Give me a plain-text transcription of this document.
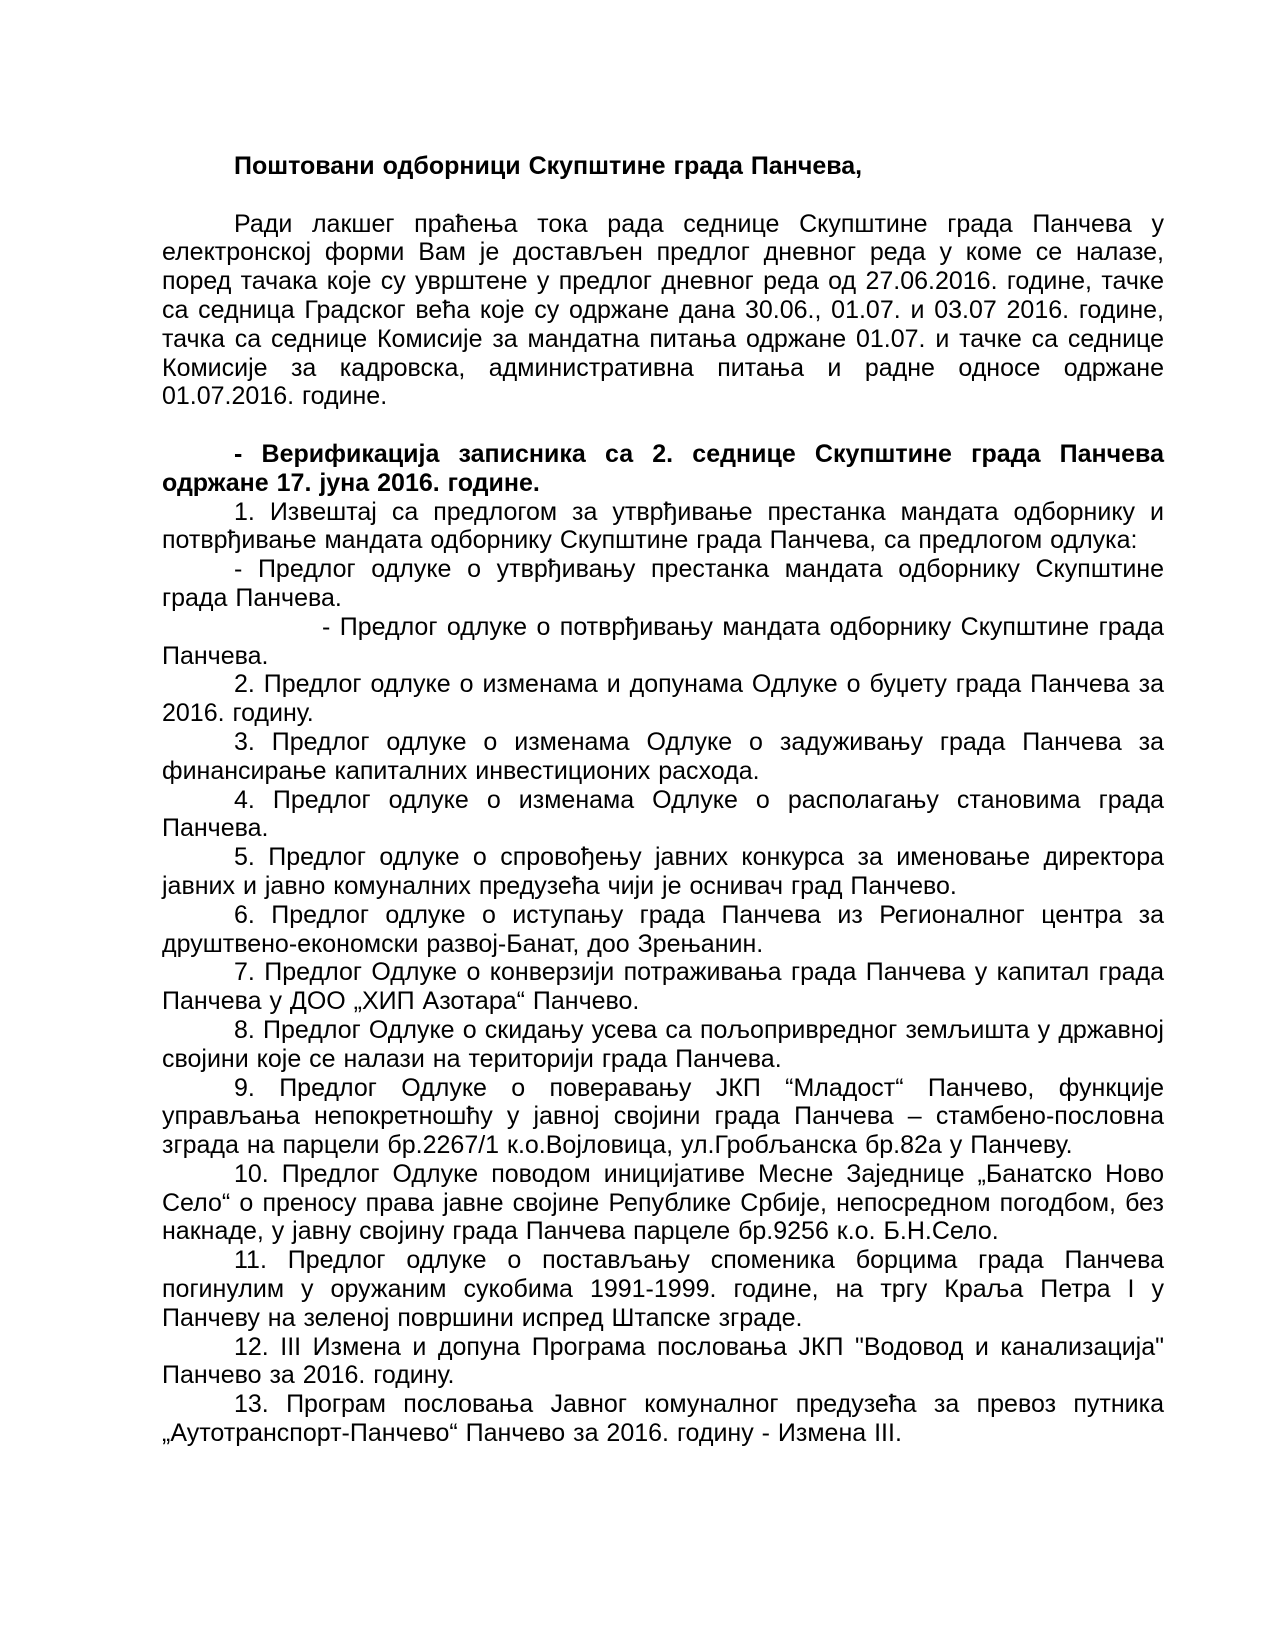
Поштовани одборници Скупштине града Панчева,

Ради лакшег праћења тока рада седнице Скупштине града Панчева у електронској форми Вам је достављен предлог дневног реда у коме се налазе, поред тачака које су уврштене у предлог дневног реда од 27.06.2016. године, тачке са седница Градског већа које су одржане дана 30.06., 01.07. и 03.07 2016. године, тачка са седнице Комисије за мандатна питања одржане 01.07. и тачке са седнице Комисије за кадровска, административна питања и радне односе одржане 01.07.2016. године.

- Верификација записника са 2. седнице Скупштине града Панчева одржане 17. јуна 2016. године.

1. Извештај са предлогом за утврђивање престанка мандата одборнику и потврђивање мандата одборнику Скупштине града Панчева, са предлогом одлука:

- Предлог одлуке о утврђивању престанка мандата одборнику Скупштине града Панчева.

- Предлог одлуке о потврђивању мандата одборнику Скупштине града Панчева.

2. Предлог одлуке о изменама и допунама Одлуке о буџету града Панчева за 2016. годину.

3. Предлог одлуке о изменама Одлуке о задуживању града Панчева за финансирање капиталних инвестиционих расхода.

4. Предлог одлуке о изменама Одлуке о располагању становима града Панчева.

5. Предлог одлуке о спровођењу јавних конкурса за именовање директора јавних и јавно комуналних предузећа чији је оснивач град Панчево.

6. Предлог одлуке о иступању града Панчева из Регионалног центра за друштвено-економски развој-Банат, доо Зрењанин.

7. Предлог Одлуке о конверзији потраживања града Панчева у капитал града Панчева у ДОО „ХИП Азотара“ Панчево.

8. Предлог Одлуке о скидању усева са пољопривредног земљишта у државној својини које се налази на територији града Панчева.

9. Предлог Одлуке о поверавању ЈКП “Младост“ Панчево, функције управљања непокретношћу у јавној својини града Панчева – стамбено-пословна зграда на парцели бр.2267/1 к.о.Војловица, ул.Гробљанска бр.82а у Панчеву.

10. Предлог Одлуке поводом иницијативе Месне Заједнице „Банатско Ново Село“ о преносу права јавне својине Републике Србије, непосредном погодбом, без накнаде, у јавну својину града Панчева парцеле бр.9256 к.о. Б.Н.Село.

11. Предлог одлуке о постављању споменика борцима града Панчева погинулим у оружаним сукобима 1991-1999. године, на тргу Краља Петра I у Панчеву на зеленој површини испред Штапске зграде.

12. III Измена и допуна Програма пословања ЈКП "Водовод и канализација" Панчево за 2016. годину.

13. Програм пословања Јавног комуналног предузећа за превоз путника „Аутотранспорт-Панчево“ Панчево за 2016. годину - Измена III.
